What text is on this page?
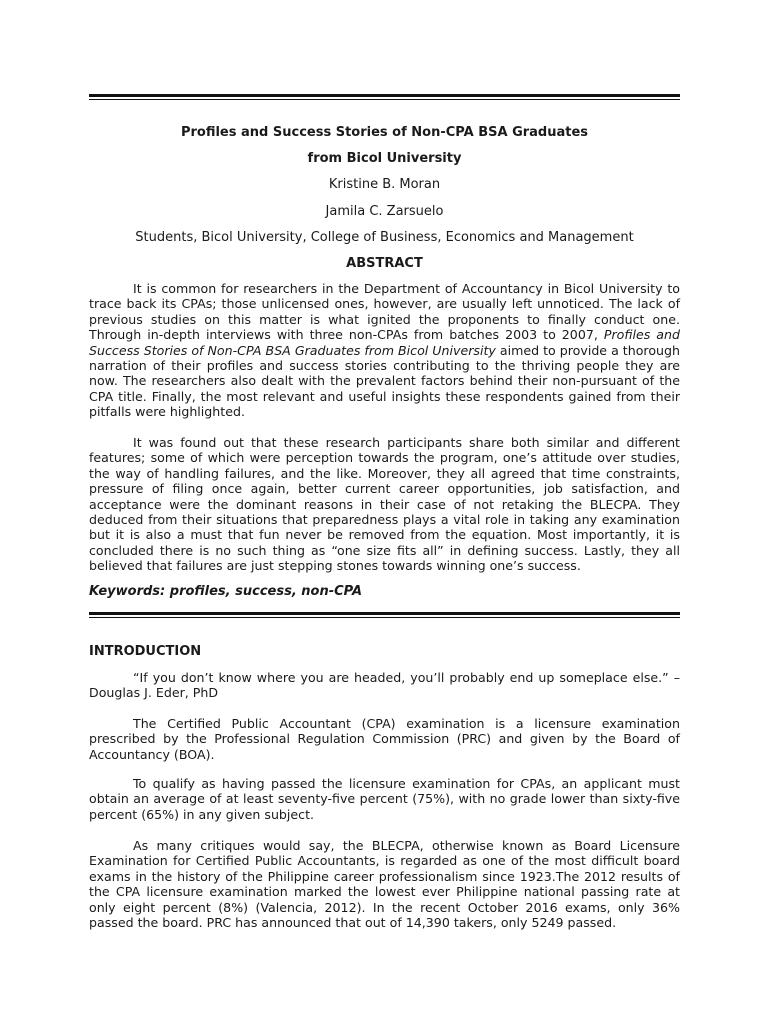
Profiles and Success Stories of Non-CPA BSA Graduates
from Bicol University
Kristine B. Moran
Jamila C. Zarsuelo
Students, Bicol University, College of Business, Economics and Management
ABSTRACT

It is common for researchers in the Department of Accountancy in Bicol University to trace back its CPAs; those unlicensed ones, however, are usually left unnoticed. The lack of previous studies on this matter is what ignited the proponents to finally conduct one. Through in-depth interviews with three non-CPAs from batches 2003 to 2007, Profiles and Success Stories of Non-CPA BSA Graduates from Bicol University aimed to provide a thorough narration of their profiles and success stories contributing to the thriving people they are now. The researchers also dealt with the prevalent factors behind their non-pursuant of the CPA title. Finally, the most relevant and useful insights these respondents gained from their pitfalls were highlighted.

It was found out that these research participants share both similar and different features; some of which were perception towards the program, one’s attitude over studies, the way of handling failures, and the like. Moreover, they all agreed that time constraints, pressure of filing once again, better current career opportunities, job satisfaction, and acceptance were the dominant reasons in their case of not retaking the BLECPA. They deduced from their situations that preparedness plays a vital role in taking any examination but it is also a must that fun never be removed from the equation. Most importantly, it is concluded there is no such thing as “one size fits all” in defining success. Lastly, they all believed that failures are just stepping stones towards winning one’s success.

Keywords: profiles, success, non-CPA
INTRODUCTION

“If you don’t know where you are headed, you’ll probably end up someplace else.” – Douglas J. Eder, PhD

The Certified Public Accountant (CPA) examination is a licensure examination prescribed by the Professional Regulation Commission (PRC) and given by the Board of Accountancy (BOA).

To qualify as having passed the licensure examination for CPAs, an applicant must obtain an average of at least seventy-five percent (75%), with no grade lower than sixty-five percent (65%) in any given subject.

As many critiques would say, the BLECPA, otherwise known as Board Licensure Examination for Certified Public Accountants, is regarded as one of the most difficult board exams in the history of the Philippine career professionalism since 1923.The 2012 results of the CPA licensure examination marked the lowest ever Philippine national passing rate at only eight percent (8%) (Valencia, 2012). In the recent October 2016 exams, only 36% passed the board. PRC has announced that out of 14,390 takers, only 5249 passed.
